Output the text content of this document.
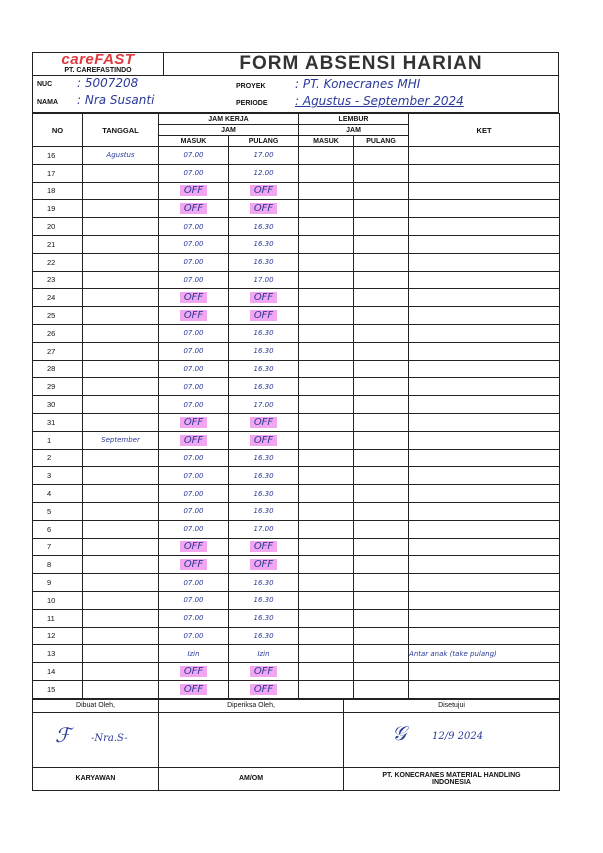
careFAST
PT. CAREFASTINDO	FORM ABSENSI HARIAN
NUC : 5007208
NAMA : Nra Susanti
PROYEK : PT. Konecranes MHI
PERIODE : Agustus - September 2024
NO	TANGGAL	JAM KERJA		LEMBUR		KET
		JAM		JAM		
		MASUK	PULANG	MASUK	PULANG	
16	Agustus	07.00	17.00			
17		07.00	12.00			
18		OFF	OFF			
19		OFF	OFF			
20		07.00	16.30			
21		07.00	16.30			
22		07.00	16.30			
23		07.00	17.00			
24		OFF	OFF			
25		OFF	OFF			
26		07.00	16.30			
27		07.00	16.30			
28		07.00	16.30			
29		07.00	16.30			
30		07.00	17.00			
31		OFF	OFF			
1	September	OFF	OFF			
2		07.00	16.30			
3		07.00	16.30			
4		07.00	16.30			
5		07.00	16.30			
6		07.00	17.00			
7		OFF	OFF			
8		OFF	OFF			
9		07.00	16.30			
10		07.00	16.30			
11		07.00	16.30			
12		07.00	16.30			
13		Izin	Izin			Antar anak (take pulang)
14		OFF	OFF			
15		OFF	OFF			
Dibuat Oleh,	Diperiksa Oleh,	Disetujui

ℱ -Nra.S-		𝒢 12/9 2024

KARYAWAN	AM/OM	PT. KONECRANES MATERIAL HANDLING
INDONESIA
